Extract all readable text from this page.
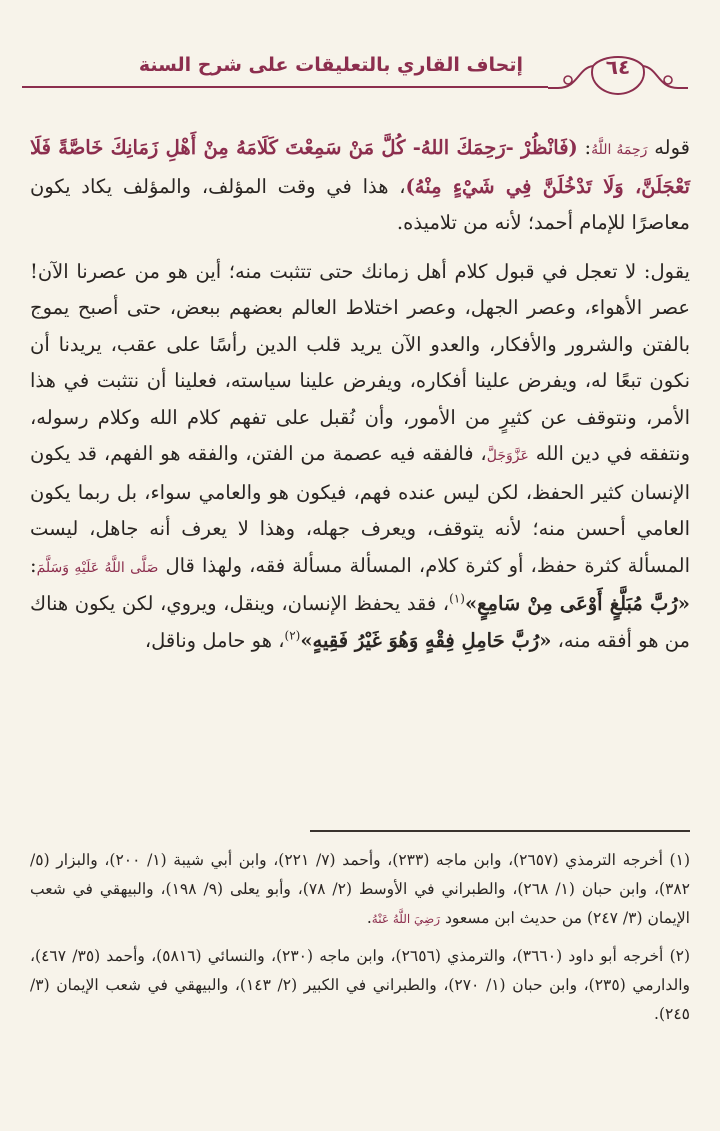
إتحاف القاري بالتعليقات على شرح السنة	٦٤

قوله رَحِمَهُ اللَّهُ: (فَانْظُرْ -رَحِمَكَ اللهُ- كُلَّ مَنْ سَمِعْتَ كَلَامَهُ مِنْ أَهْلِ زَمَانِكَ خَاصَّةً فَلَا تَعْجَلَنَّ، وَلَا تَدْخُلَنَّ فِي شَيْءٍ مِنْهُ)، هذا في وقت المؤلف، والمؤلف يكاد يكون معاصرًا للإمام أحمد؛ لأنه من تلاميذه.

يقول: لا تعجل في قبول كلام أهل زمانك حتى تتثبت منه؛ أين هو من عصرنا الآن! عصر الأهواء، وعصر الجهل، وعصر اختلاط العالم بعضهم ببعض، حتى أصبح يموج بالفتن والشرور والأفكار، والعدو الآن يريد قلب الدين رأسًا على عقب، يريدنا أن نكون تبعًا له، ويفرض علينا أفكاره، ويفرض علينا سياسته، فعلينا أن نتثبت في هذا الأمر، ونتوقف عن كثيرٍ من الأمور، وأن نُقبل على تفهم كلام الله وكلام رسوله، ونتفقه في دين الله عَزَّوَجَلَّ، فالفقه فيه عصمة من الفتن، والفقه هو الفهم، قد يكون الإنسان كثير الحفظ، لكن ليس عنده فهم، فيكون هو والعامي سواء، بل ربما يكون العامي أحسن منه؛ لأنه يتوقف، ويعرف جهله، وهذا لا يعرف أنه جاهل، ليست المسألة كثرة حفظ، أو كثرة كلام، المسألة مسألة فقه، ولهذا قال صَلَّى اللَّهُ عَلَيْهِ وَسَلَّمَ: «رُبَّ مُبَلَّغٍ أَوْعَى مِنْ سَامِعٍ»$^{(١)}$، فقد يحفظ الإنسان، وينقل، ويروي، لكن يكون هناك من هو أفقه منه، «رُبَّ حَامِلِ فِقْهٍ وَهُوَ غَيْرُ فَقِيهٍ»$^{(٢)}$، هو حامل وناقل،

(١) أخرجه الترمذي (٢٦٥٧)، وابن ماجه (٢٣٣)، وأحمد (٧/ ٢٢١)، وابن أبي شيبة (١/ ٢٠٠)، والبزار (٥/ ٣٨٢)، وابن حبان (١/ ٢٦٨)، والطبراني في الأوسط (٢/ ٧٨)، وأبو يعلى (٩/ ١٩٨)، والبيهقي في شعب الإيمان (٣/ ٢٤٧) من حديث ابن مسعود رَضِيَ اللَّهُ عَنْهُ.

(٢) أخرجه أبو داود (٣٦٦٠)، والترمذي (٢٦٥٦)، وابن ماجه (٢٣٠)، والنسائي (٥٨١٦)، وأحمد (٣٥/ ٤٦٧)، والدارمي (٢٣٥)، وابن حبان (١/ ٢٧٠)، والطبراني في الكبير (٢/ ١٤٣)، والبيهقي في شعب الإيمان (٣/ ٢٤٥).
